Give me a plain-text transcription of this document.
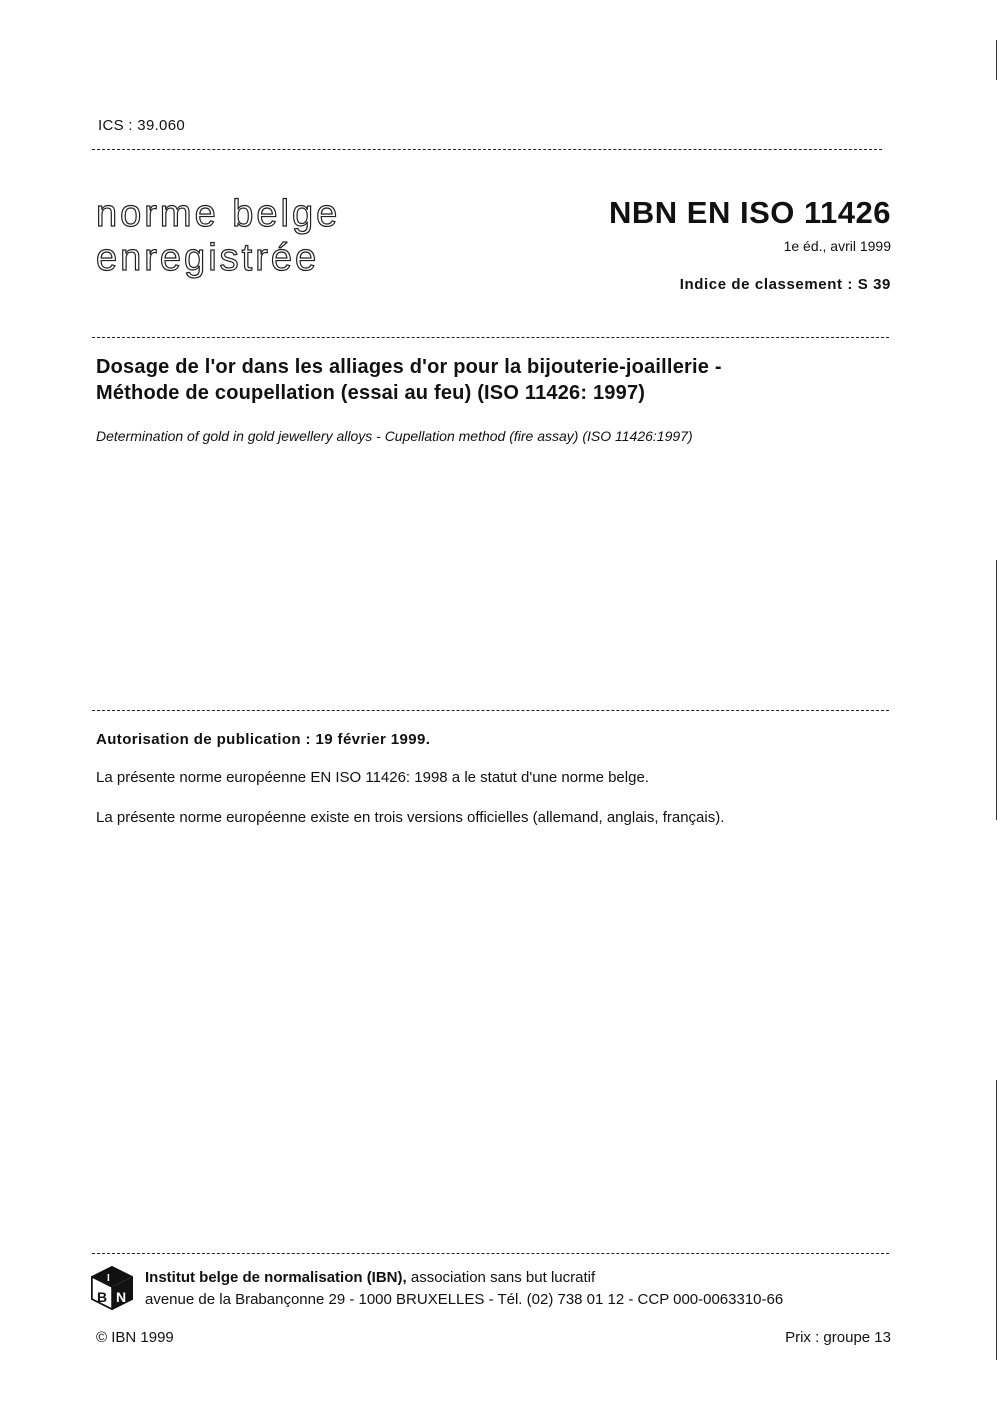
ICS : 39.060
norme belge
enregistrée
NBN EN ISO 11426
1e éd., avril 1999
Indice de classement : S 39
Dosage de l'or dans les alliages d'or pour la bijouterie-joaillerie -
Méthode de coupellation (essai au feu) (ISO 11426: 1997)
Determination of gold in gold jewellery alloys - Cupellation method (fire assay) (ISO 11426:1997)
Autorisation de publication : 19 février 1999.
La présente norme européenne EN ISO 11426: 1998 a le statut d'une norme belge.
La présente norme européenne existe en trois versions officielles (allemand, anglais, français).
B N
I Institut belge de normalisation (IBN), association sans but lucratif
avenue de la Brabançonne 29 - 1000 BRUXELLES - Tél. (02) 738 01 12 - CCP 000-0063310-66
© IBN 1999	Prix : groupe 13
